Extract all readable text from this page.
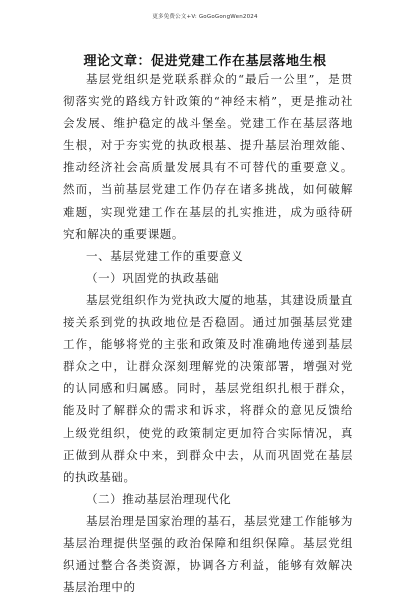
更多免费公文+V: GoGoGongWen2024
理论文章：促进党建工作在基层落地生根

基层党组织是党联系群众的“最后一公里”，是贯彻落实党的路线方针政策的“神经末梢”，更是推动社会发展、维护稳定的战斗堡垒。党建工作在基层落地生根，对于夯实党的执政根基、提升基层治理效能、推动经济社会高质量发展具有不可替代的重要意义。然而，当前基层党建工作仍存在诸多挑战，如何破解难题，实现党建工作在基层的扎实推进，成为亟待研究和解决的重要课题。

一、基层党建工作的重要意义

（一）巩固党的执政基础

基层党组织作为党执政大厦的地基，其建设质量直接关系到党的执政地位是否稳固。通过加强基层党建工作，能够将党的主张和政策及时准确地传递到基层群众之中，让群众深刻理解党的决策部署，增强对党的认同感和归属感。同时，基层党组织扎根于群众，能及时了解群众的需求和诉求，将群众的意见反馈给上级党组织，使党的政策制定更加符合实际情况，真正做到从群众中来，到群众中去，从而巩固党在基层的执政基础。

（二）推动基层治理现代化

基层治理是国家治理的基石，基层党建工作能够为基层治理提供坚强的政治保障和组织保障。基层党组织通过整合各类资源，协调各方利益，能够有效解决基层治理中的
